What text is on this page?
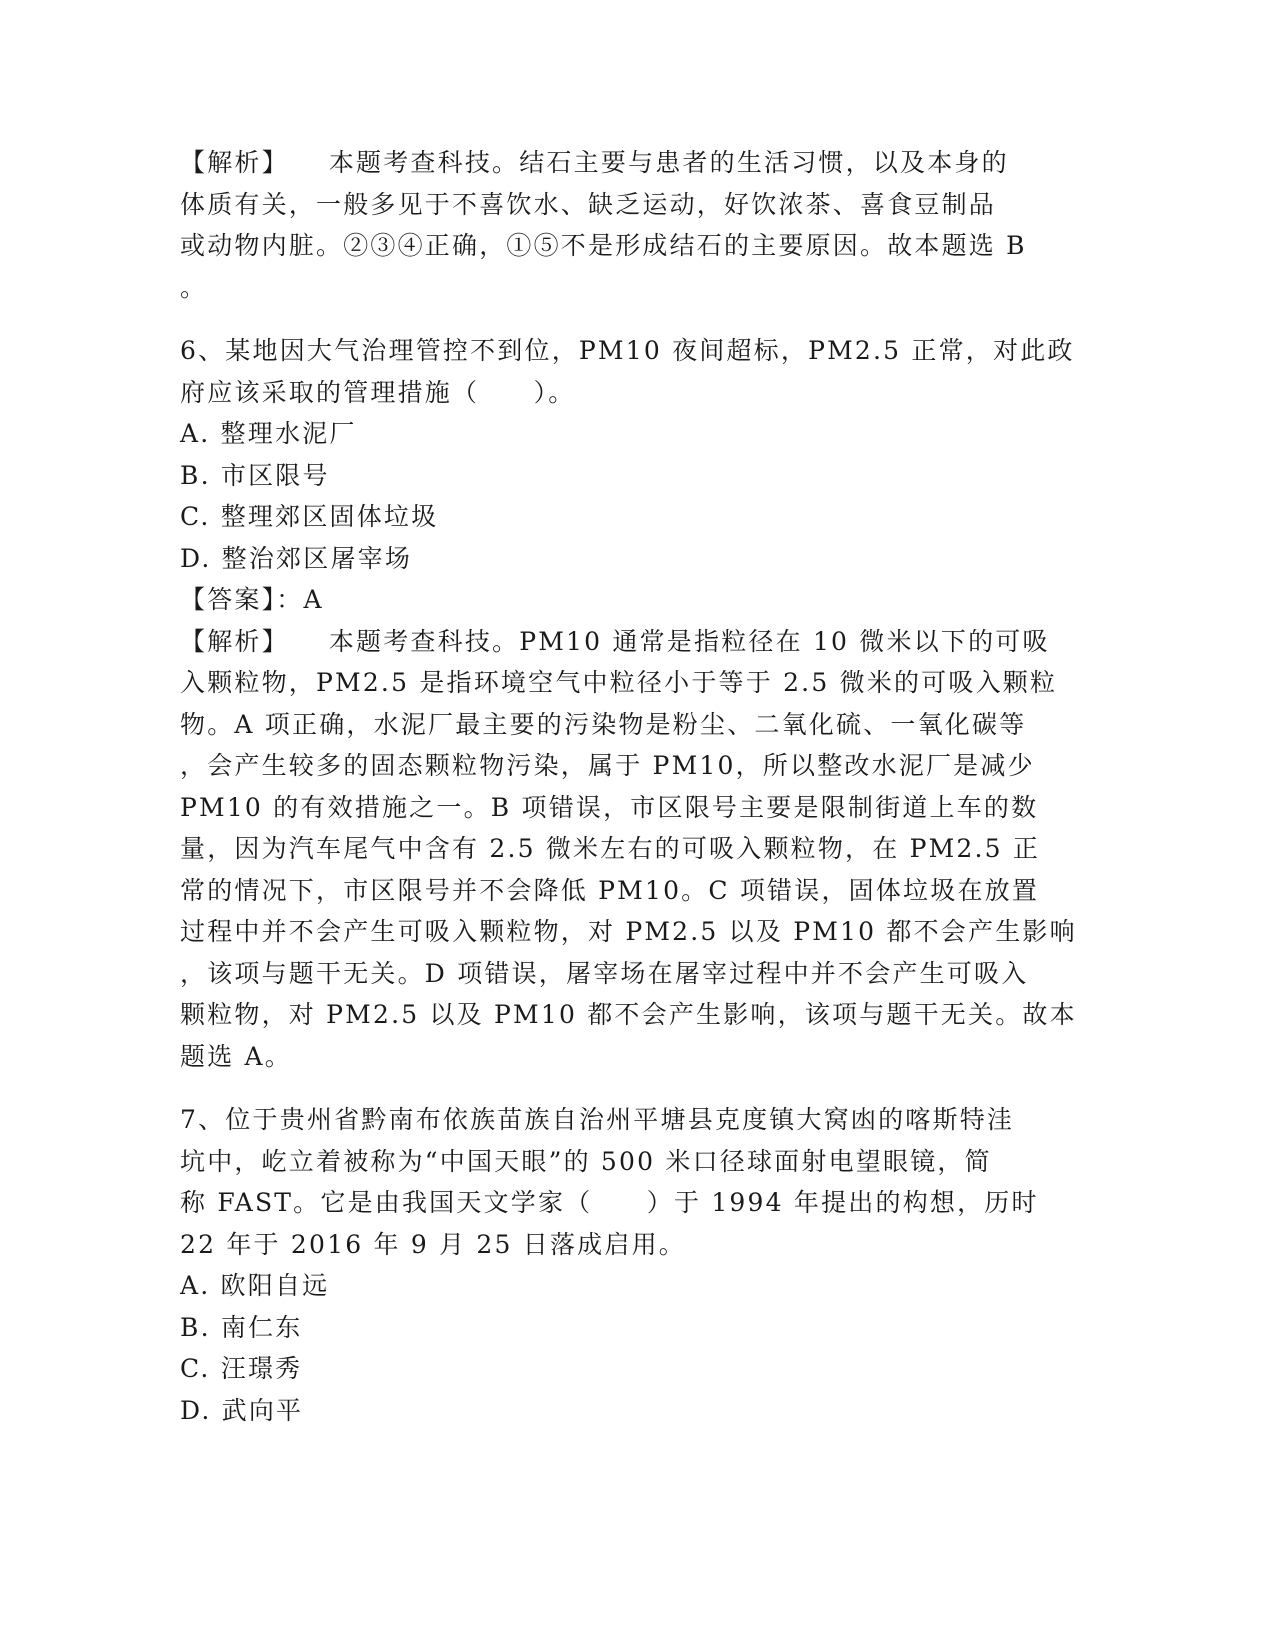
【解析】 本题考查科技。结石主要与患者的生活习惯，以及本身的
体质有关，一般多见于不喜饮水、缺乏运动，好饮浓茶、喜食豆制品
或动物内脏。②③④正确，①⑤不是形成结石的主要原因。故本题选 B
。
6、某地因大气治理管控不到位，PM10 夜间超标，PM2.5 正常，对此政
府应该采取的管理措施（　　）。
A. 整理水泥厂
B. 市区限号
C. 整理郊区固体垃圾
D. 整治郊区屠宰场
【答案】：A
【解析】 本题考查科技。PM10 通常是指粒径在 10 微米以下的可吸
入颗粒物，PM2.5 是指环境空气中粒径小于等于 2.5 微米的可吸入颗粒
物。A 项正确，水泥厂最主要的污染物是粉尘、二氧化硫、一氧化碳等
，会产生较多的固态颗粒物污染，属于 PM10，所以整改水泥厂是减少
PM10 的有效措施之一。B 项错误，市区限号主要是限制街道上车的数
量，因为汽车尾气中含有 2.5 微米左右的可吸入颗粒物，在 PM2.5 正
常的情况下，市区限号并不会降低 PM10。C 项错误，固体垃圾在放置
过程中并不会产生可吸入颗粒物，对 PM2.5 以及 PM10 都不会产生影响
，该项与题干无关。D 项错误，屠宰场在屠宰过程中并不会产生可吸入
颗粒物，对 PM2.5 以及 PM10 都不会产生影响，该项与题干无关。故本
题选 A。
7、位于贵州省黔南布依族苗族自治州平塘县克度镇大窝凼的喀斯特洼
坑中，屹立着被称为“中国天眼”的 500 米口径球面射电望眼镜，简
称 FAST。它是由我国天文学家（　　）于 1994 年提出的构想，历时
22 年于 2016 年 9 月 25 日落成启用。
A. 欧阳自远
B. 南仁东
C. 汪璟秀
D. 武向平
